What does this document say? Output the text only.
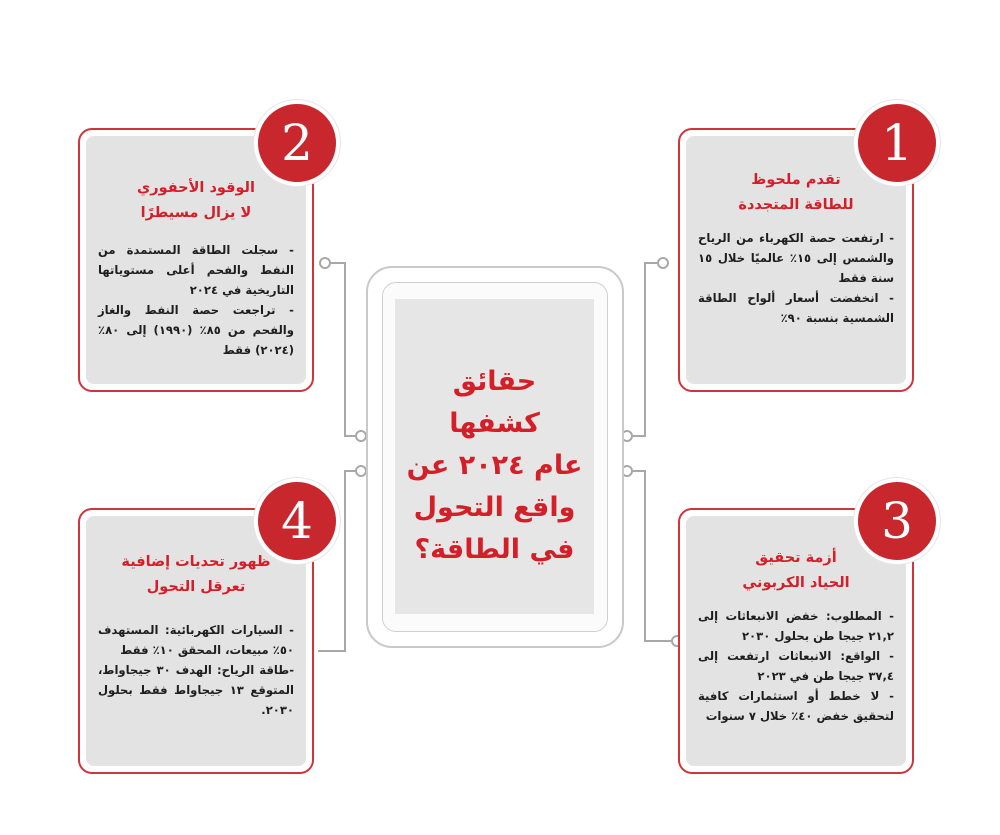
حقائق كشفها
عام ٢٠٢٤ عن
واقع التحول
في الطاقة؟
تقدم ملحوظ
للطاقة المتجددة
- ارتفعت حصة الكهرباء من الرياح والشمس إلى ١٥٪ عالميًا خلال ١٥ سنة فقط
- انخفضت أسعار ألواح الطاقة الشمسية بنسبة ٩٠٪
1
الوقود الأحفوري
لا يزال مسيطرًا
- سجلت الطاقة المستمدة من النفط والفحم أعلى مستوياتها التاريخية في ٢٠٢٤
- تراجعت حصة النفط والغاز والفحم من ٨٥٪ (١٩٩٠) إلى ٨٠٪ (٢٠٢٤) فقط
2
أزمة تحقيق
الحياد الكربوني
- المطلوب: خفض الانبعاثات إلى ٢١,٢ جيجا طن بحلول ٢٠٣٠
- الواقع: الانبعاثات ارتفعت إلى ٣٧,٤ جيجا طن في ٢٠٢٣
- لا خطط أو استثمارات كافية لتحقيق خفض ٤٠٪ خلال ٧ سنوات
3
ظهور تحديات إضافية
تعرقل التحول
- السيارات الكهربائية: المستهدف ٥٠٪ مبيعات، المحقق ١٠٪ فقط
-طاقة الرياح: الهدف ٣٠ جيجاواط، المتوقع ١٣ جيجاواط فقط بحلول ٢٠٣٠.
4
